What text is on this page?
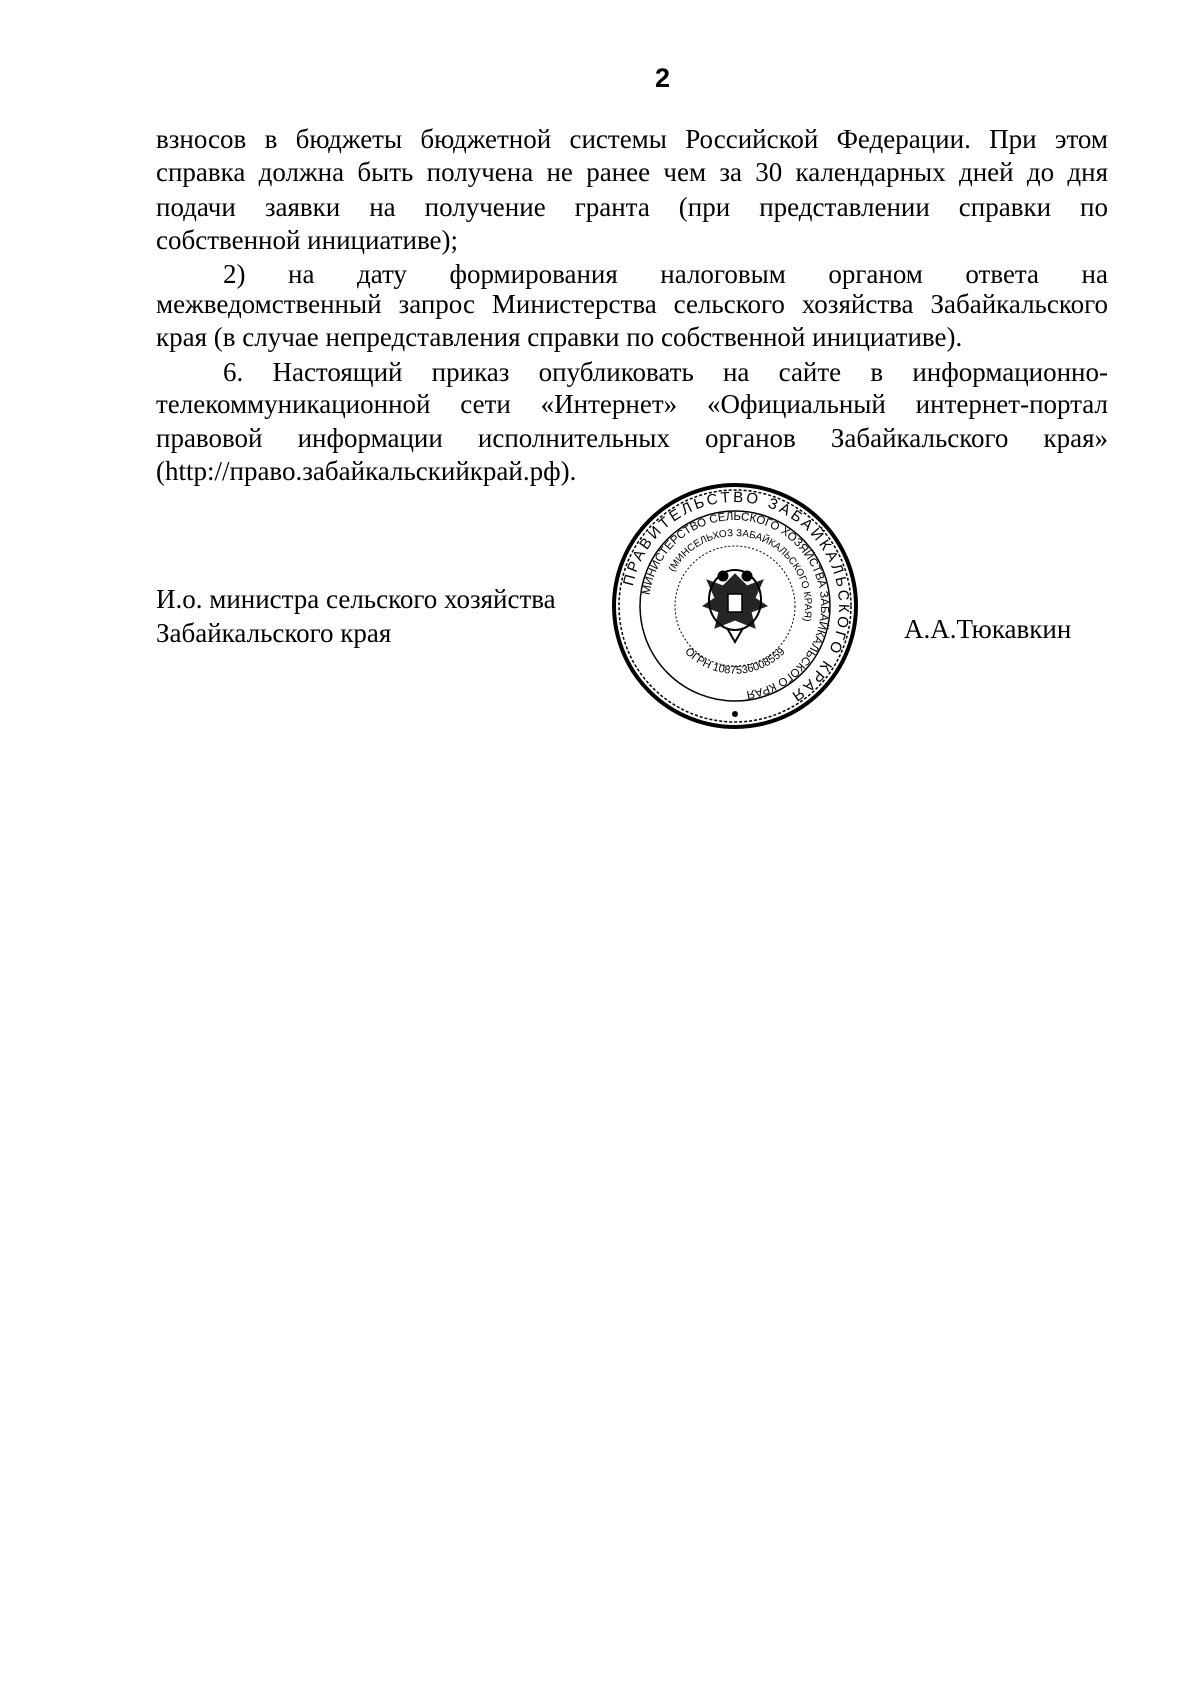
2
взносов в бюджеты бюджетной системы Российской Федерации. При этом
справка должна быть получена не ранее чем за 30 календарных дней до дня
подачи заявки на получение гранта (при представлении справки по
собственной инициативе);
2) на дату формирования налоговым органом ответа на
межведомственный запрос Министерства сельского хозяйства Забайкальского
края (в случае непредставления справки по собственной инициативе).
6. Настоящий приказ опубликовать на сайте в информационно-
телекоммуникационной сети «Интернет» «Официальный интернет-портал
правовой информации исполнительных органов Забайкальского края»
(http://право.забайкальскийкрай.рф).
И.о. министра сельского хозяйства
Забайкальского края
ПРАВИТЕЛЬСТВО ЗАБАЙКАЛЬСКОГО КРАЯ
МИНИСТЕРСТВО СЕЛЬСКОГО ХОЗЯЙСТВА ЗАБАЙКАЛЬСКОГО КРАЯ
(МИНСЕЛЬХОЗ ЗАБАЙКАЛЬСКОГО КРАЯ)
ОГРН 1087536008559
А.А.Тюкавкин
